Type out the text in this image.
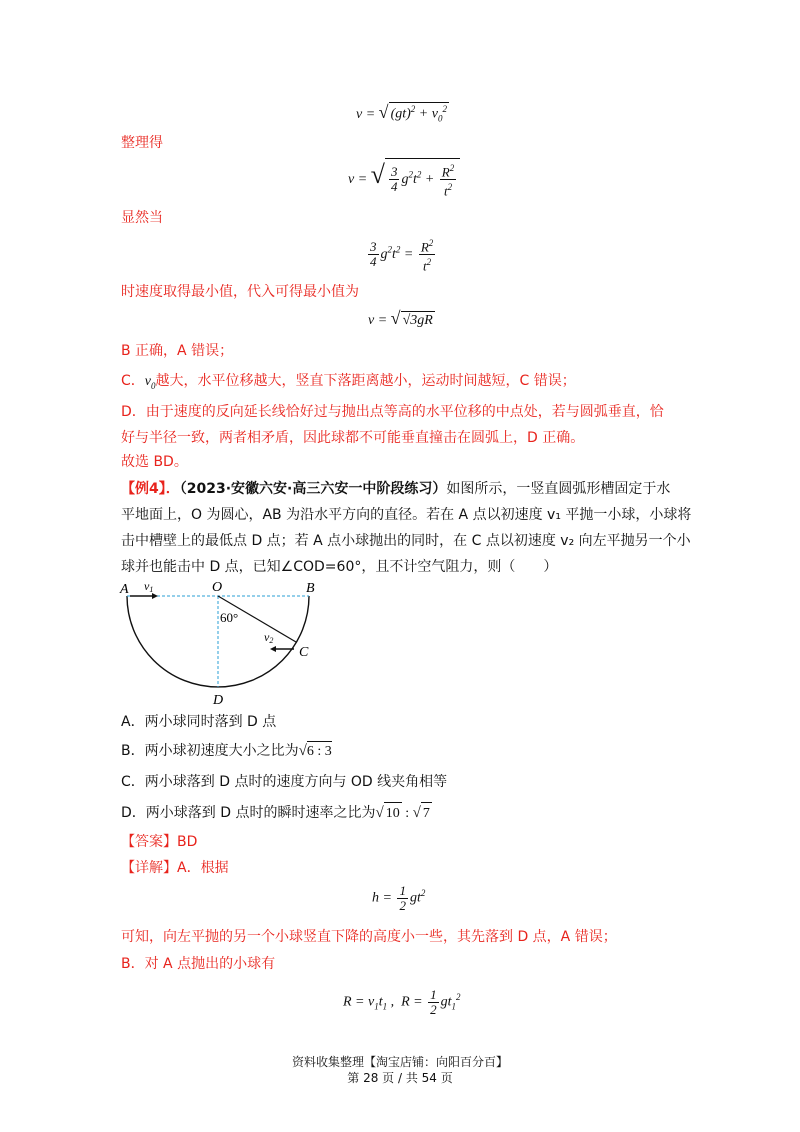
v = √ $(gt)^2 + v_0^2$
整理得
v = √ $\frac{3}{4} g^2t^2 + \frac{R^2}{t^2}$
显然当
$\frac{3}{4} g^2t^2 = \frac{R^2}{t^2}$
时速度取得最小值，代入可得最小值为
v = √ √3gR
B 正确，A 错误；
C．$v_0$越大，水平位移越大，竖直下落距离越小，运动时间越短，C 错误；
D．由于速度的反向延长线恰好过与抛出点等高的水平位移的中点处，若与圆弧垂直，恰
好与半径一致，两者相矛盾，因此球都不可能垂直撞击在圆弧上，D 正确。
故选 BD。
【例4】．（2023·安徽六安·高三六安一中阶段练习）如图所示，一竖直圆弧形槽固定于水
平地面上，O 为圆心，AB 为沿水平方向的直径。若在 A 点以初速度 v₁ 平抛一小球，小球将
击中槽壁上的最低点 D 点；若 A 点小球抛出的同时，在 C 点以初速度 v₂ 向左平抛另一个小
球并也能击中 D 点，已知∠COD=60°，且不计空气阻力，则（　　）
A v1	O	B
60°
v2
C
D
A．两小球同时落到 D 点
B．两小球初速度大小之比为√6 : 3
C．两小球落到 D 点时的速度方向与 OD 线夹角相等
D．两小球落到 D 点时的瞬时速率之比为√ 10 : √ 7
【答案】BD
【详解】A．根据
$h = \frac{1}{2} gt^2$
可知，向左平抛的另一个小球竖直下降的高度小一些，其先落到 D 点，A 错误；
B．对 A 点抛出的小球有
$R = v_1t_1$ ,  $R = \frac{1}{2} gt_1^2$
资料收集整理【淘宝店铺：向阳百分百】
第 28 页 / 共 54 页
